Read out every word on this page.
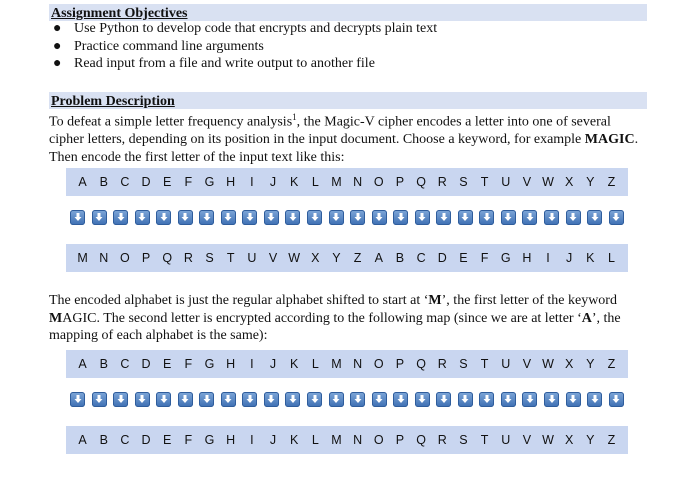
Assignment Objectives
● Use Python to develop code that encrypts and decrypts plain text
● Practice command line arguments
● Read input from a file and write output to another file
Problem Description

To defeat a simple letter frequency analysis$^1$, the Magic-V cipher encodes a letter into one of several cipher letters, depending on its position in the input document. Choose a keyword, for example MAGIC. Then encode the first letter of the input text like this:

A	B C D E	F G H	I	J	K	L M N O P Q R S	T	U V W X	Y	Z
M N O P Q R S	T	U V W X	Y	Z	A	B C D E	F G H	I	J	K	L

The encoded alphabet is just the regular alphabet shifted to start at ‘M’, the first letter of the keyword MAGIC. The second letter is encrypted according to the following map (since we are at letter ‘A’, the mapping of each alphabet is the same):

A	B C D E	F G H	I	J	K	L M N O P Q R S	T	U V W X	Y	Z
A	B C D E	F G H	I	J	K	L M N O P Q R S	T	U V W X	Y	Z
